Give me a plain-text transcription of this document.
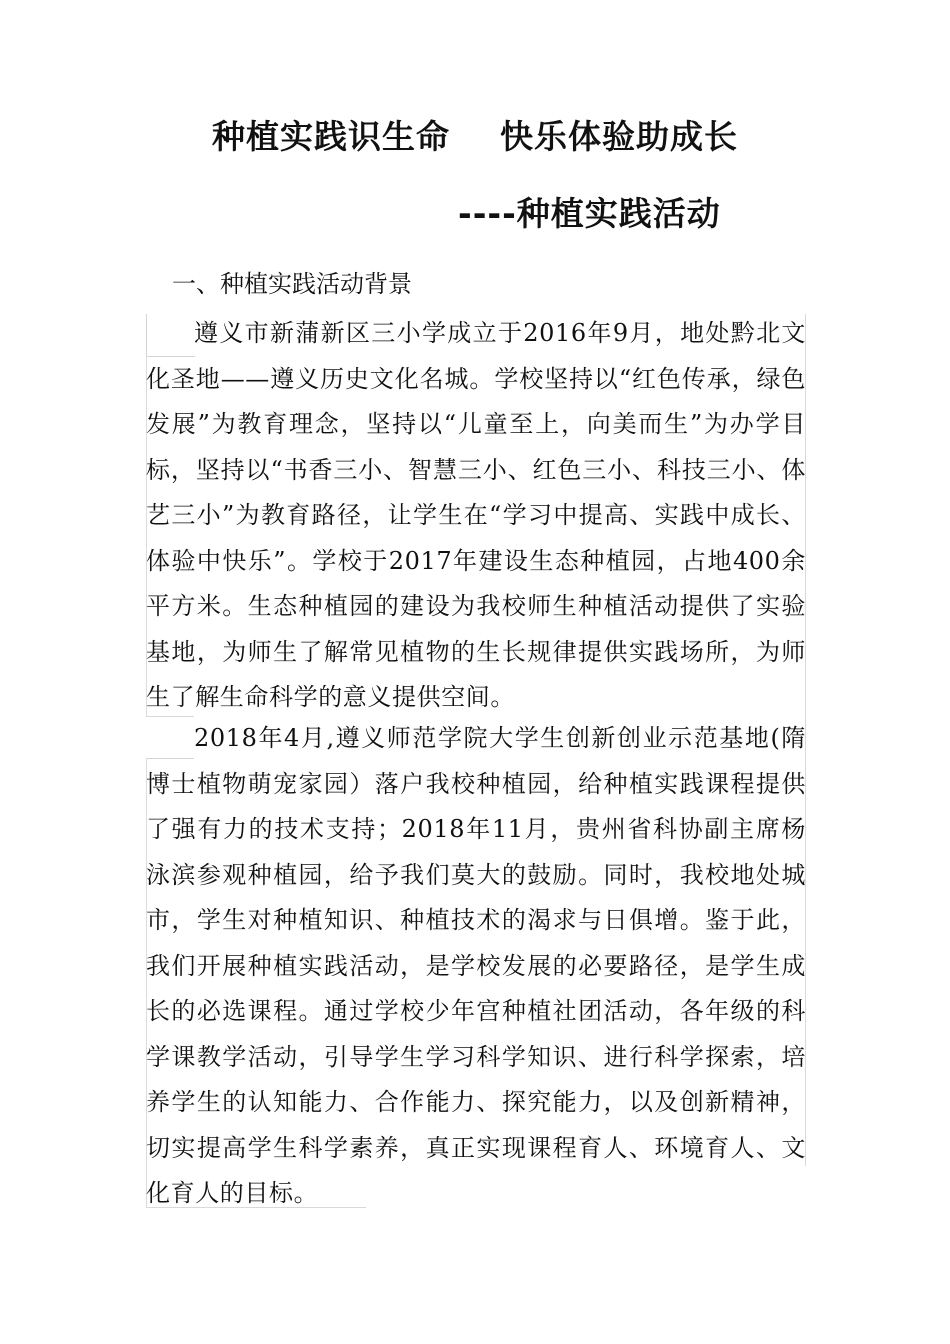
种植实践识生命    快乐体验助成长
----种植实践活动
一、种植实践活动背景

遵义市新蒲新区三小学成立于2016年9月，地处黔北文化圣地——遵义历史文化名城。学校坚持以“红色传承，绿色发展”为教育理念，坚持以“儿童至上，向美而生”为办学目标，坚持以“书香三小、智慧三小、红色三小、科技三小、体艺三小”为教育路径，让学生在“学习中提高、实践中成长、体验中快乐”。学校于2017年建设生态种植园，占地400余平方米。生态种植园的建设为我校师生种植活动提供了实验基地，为师生了解常见植物的生长规律提供实践场所，为师生了解生命科学的意义提供空间。

2018年4月,遵义师范学院大学生创新创业示范基地(隋博士植物萌宠家园）落户我校种植园，给种植实践课程提供了强有力的技术支持；2018年11月，贵州省科协副主席杨泳滨参观种植园，给予我们莫大的鼓励。同时，我校地处城市，学生对种植知识、种植技术的渴求与日俱增。鉴于此，我们开展种植实践活动，是学校发展的必要路径，是学生成长的必选课程。通过学校少年宫种植社团活动，各年级的科学课教学活动，引导学生学习科学知识、进行科学探索，培养学生的认知能力、合作能力、探究能力，以及创新精神，切实提高学生科学素养，真正实现课程育人、环境育人、文化育人的目标。
